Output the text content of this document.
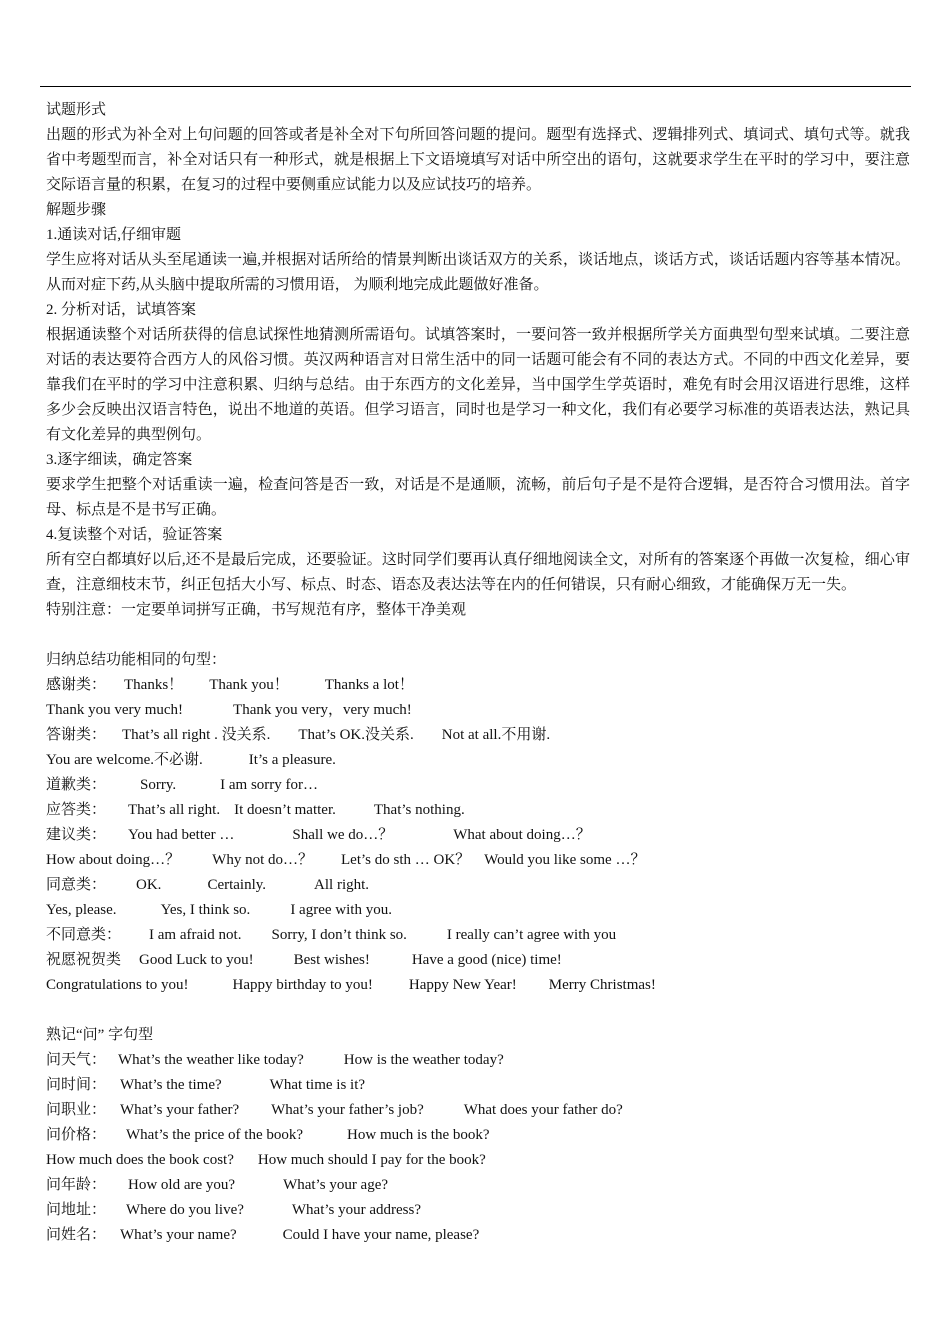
试题形式
出题的形式为补全对上句问题的回答或者是补全对下句所回答问题的提问。题型有选择式、逻辑排列式、填词式、填句式等。就我省中考题型而言，补全对话只有一种形式，就是根据上下文语境填写对话中所空出的语句，这就要求学生在平时的学习中，要注意交际语言量的积累，在复习的过程中要侧重应试能力以及应试技巧的培养。
解题步骤
1.通读对话,仔细审题
学生应将对话从头至尾通读一遍,并根据对话所给的情景判断出谈话双方的关系，谈话地点，谈话方式，谈话话题内容等基本情况。从而对症下药,从头脑中提取所需的习惯用语， 为顺利地完成此题做好准备。
2. 分析对话，试填答案
根据通读整个对话所获得的信息试探性地猜测所需语句。试填答案时，一要问答一致并根据所学关方面典型句型来试填。二要注意对话的表达要符合西方人的风俗习惯。英汉两种语言对日常生活中的同一话题可能会有不同的表达方式。不同的中西文化差异，要靠我们在平时的学习中注意积累、归纳与总结。由于东西方的文化差异，当中国学生学英语时，难免有时会用汉语进行思维，这样多少会反映出汉语言特色，说出不地道的英语。但学习语言，同时也是学习一种文化，我们有必要学习标准的英语表达法，熟记具有文化差异的典型例句。
3.逐字细读，确定答案
要求学生把整个对话重读一遍，检查问答是否一致，对话是不是通顺，流畅，前后句子是不是符合逻辑，是否符合习惯用法。首字母、标点是不是书写正确。
4.复读整个对话，验证答案
所有空白都填好以后,还不是最后完成，还要验证。这时同学们要再认真仔细地阅读全文，对所有的答案逐个再做一次复检，细心审查，注意细枝末节，纠正包括大小写、标点、时态、语态及表达法等在内的任何错误，只有耐心细致，才能确保万无一失。
特别注意：一定要单词拼写正确，书写规范有序，整体干净美观
归纳总结功能相同的句型：
感谢类： Thanks！ Thank you！ Thanks a lot！
Thank you very much!	Thank you very，very much!
答谢类： That’s all right . 没关系. That’s OK.没关系. Not at all.不用谢.
You are welcome.不必谢.	It’s a pleasure.
道歉类： Sorry.	I am sorry for…
应答类： That’s all right. It doesn’t matter.	That’s nothing.
建议类： You had better …	Shall we do…？	What about doing…？
How about doing…？ Why not do…？ Let’s do sth … OK？ Would you like some …？
同意类： OK.	Certainly.	All right.
Yes, please.	Yes, I think so.	I agree with you.
不同意类： I am afraid not. Sorry, I don’t think so.	I really can’t agree with you
祝愿祝贺类 Good Luck to you!	Best wishes!	Have a good (nice) time!
Congratulations to you!	Happy birthday to you! Happy New Year! Merry Christmas!
熟记“问” 字句型
问天气： What’s the weather like today?	How is the weather today?
问时间： What’s the time?	What time is it?
问职业： What’s your father? What’s your father’s job?	What does your father do?
问价格： What’s the price of the book?	How much is the book?
How much does the book cost? How much should I pay for the book?
问年龄： How old are you?	What’s your age?
问地址： Where do you live?	What’s your address?
问姓名： What’s your name?	Could I have your name, please?
